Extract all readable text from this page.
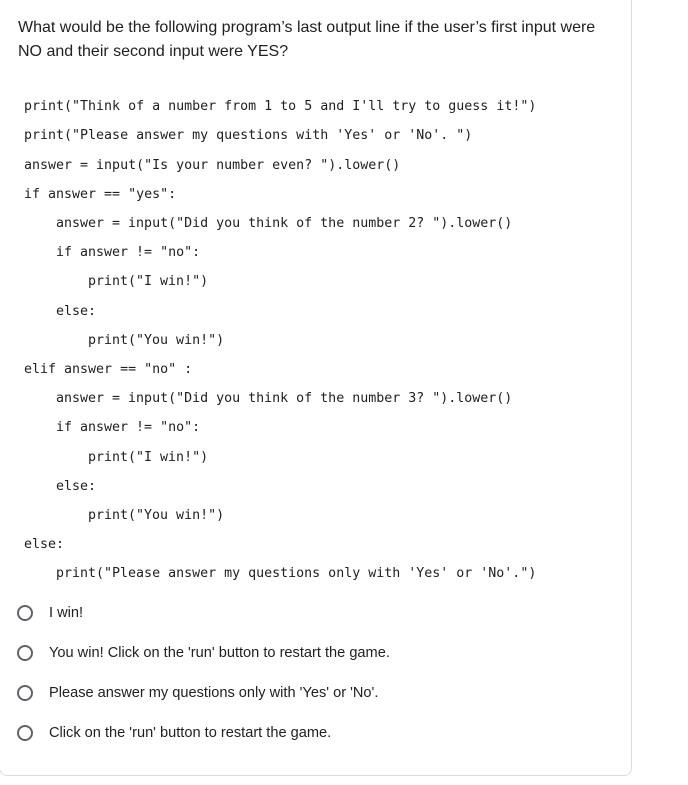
What would be the following program’s last output line if the user’s first input were NO and their second input were YES?

print("Think of a number from 1 to 5 and I'll try to guess it!")
print("Please answer my questions with 'Yes' or 'No'. ")
answer = input("Is your number even? ").lower()
if answer == "yes":
answer = input("Did you think of the number 2? ").lower()
if answer != "no":
print("I win!")
else:
print("You win!")
elif answer == "no" :
answer = input("Did you think of the number 3? ").lower()
if answer != "no":
print("I win!")
else:
print("You win!")
else:
print("Please answer my questions only with 'Yes' or 'No'.")
I win!
You win! Click on the 'run' button to restart the game.
Please answer my questions only with 'Yes' or 'No'.
Click on the 'run' button to restart the game.
